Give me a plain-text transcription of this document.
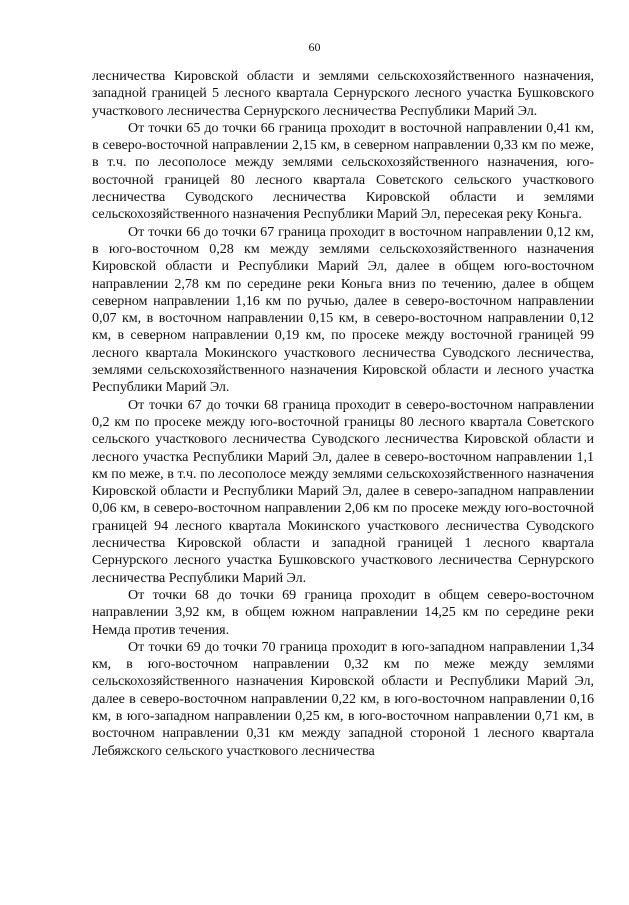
60

лесничества Кировской области и землями сельскохозяйственного назначения, западной границей 5 лесного квартала Сернурского лесного участка Бушковского участкового лесничества Сернурского лесничества Республики Марий Эл.

От точки 65 до точки 66 граница проходит в восточной направлении 0,41 км, в северо-восточной направлении 2,15 км, в северном направлении 0,33 км по меже, в т.ч. по лесополосе между землями сельскохозяйственного назначения, юго-восточной границей 80 лесного квартала Советского сельского участкового лесничества Суводского лесничества Кировской области и землями сельскохозяйственного назначения Республики Марий Эл, пересекая реку Коньга.

От точки 66 до точки 67 граница проходит в восточном направлении 0,12 км, в юго-восточном 0,28 км между землями сельскохозяйственного назначения Кировской области и Республики Марий Эл, далее в общем юго-восточном направлении 2,78 км по середине реки Коньга вниз по течению, далее в общем северном направлении 1,16 км по ручью, далее в северо-восточном направлении 0,07 км, в восточном направлении 0,15 км, в северо-восточном направлении 0,12 км, в северном направлении 0,19 км, по просеке между восточной границей 99 лесного квартала Мокинского участкового лесничества Суводского лесничества, землями сельскохозяйственного назначения Кировской области и лесного участка Республики Марий Эл.

От точки 67 до точки 68 граница проходит в северо-восточном направлении 0,2 км по просеке между юго-восточной границы 80 лесного квартала Советского сельского участкового лесничества Суводского лесничества Кировской области и лесного участка Республики Марий Эл, далее в северо-восточном направлении 1,1 км по меже, в т.ч. по лесополосе между землями сельскохозяйственного назначения Кировской области и Республики Марий Эл, далее в северо-западном направлении 0,06 км, в северо-восточном направлении 2,06 км по просеке между юго-восточной границей 94 лесного квартала Мокинского участкового лесничества Суводского лесничества Кировской области и западной границей 1 лесного квартала Сернурского лесного участка Бушковского участкового лесничества Сернурского лесничества Республики Марий Эл.

От точки 68 до точки 69 граница проходит в общем северо-восточном направлении 3,92 км, в общем южном направлении 14,25 км по середине реки Немда против течения.

От точки 69 до точки 70 граница проходит в юго-западном направлении 1,34 км, в юго-восточном направлении 0,32 км по меже между землями сельскохозяйственного назначения Кировской области и Республики Марий Эл, далее в северо-восточном направлении 0,22 км, в юго-восточном направлении 0,16 км, в юго-западном направлении 0,25 км, в юго-восточном направлении 0,71 км, в восточном направлении 0,31 км между западной стороной 1 лесного квартала Лебяжского сельского участкового лесничества
